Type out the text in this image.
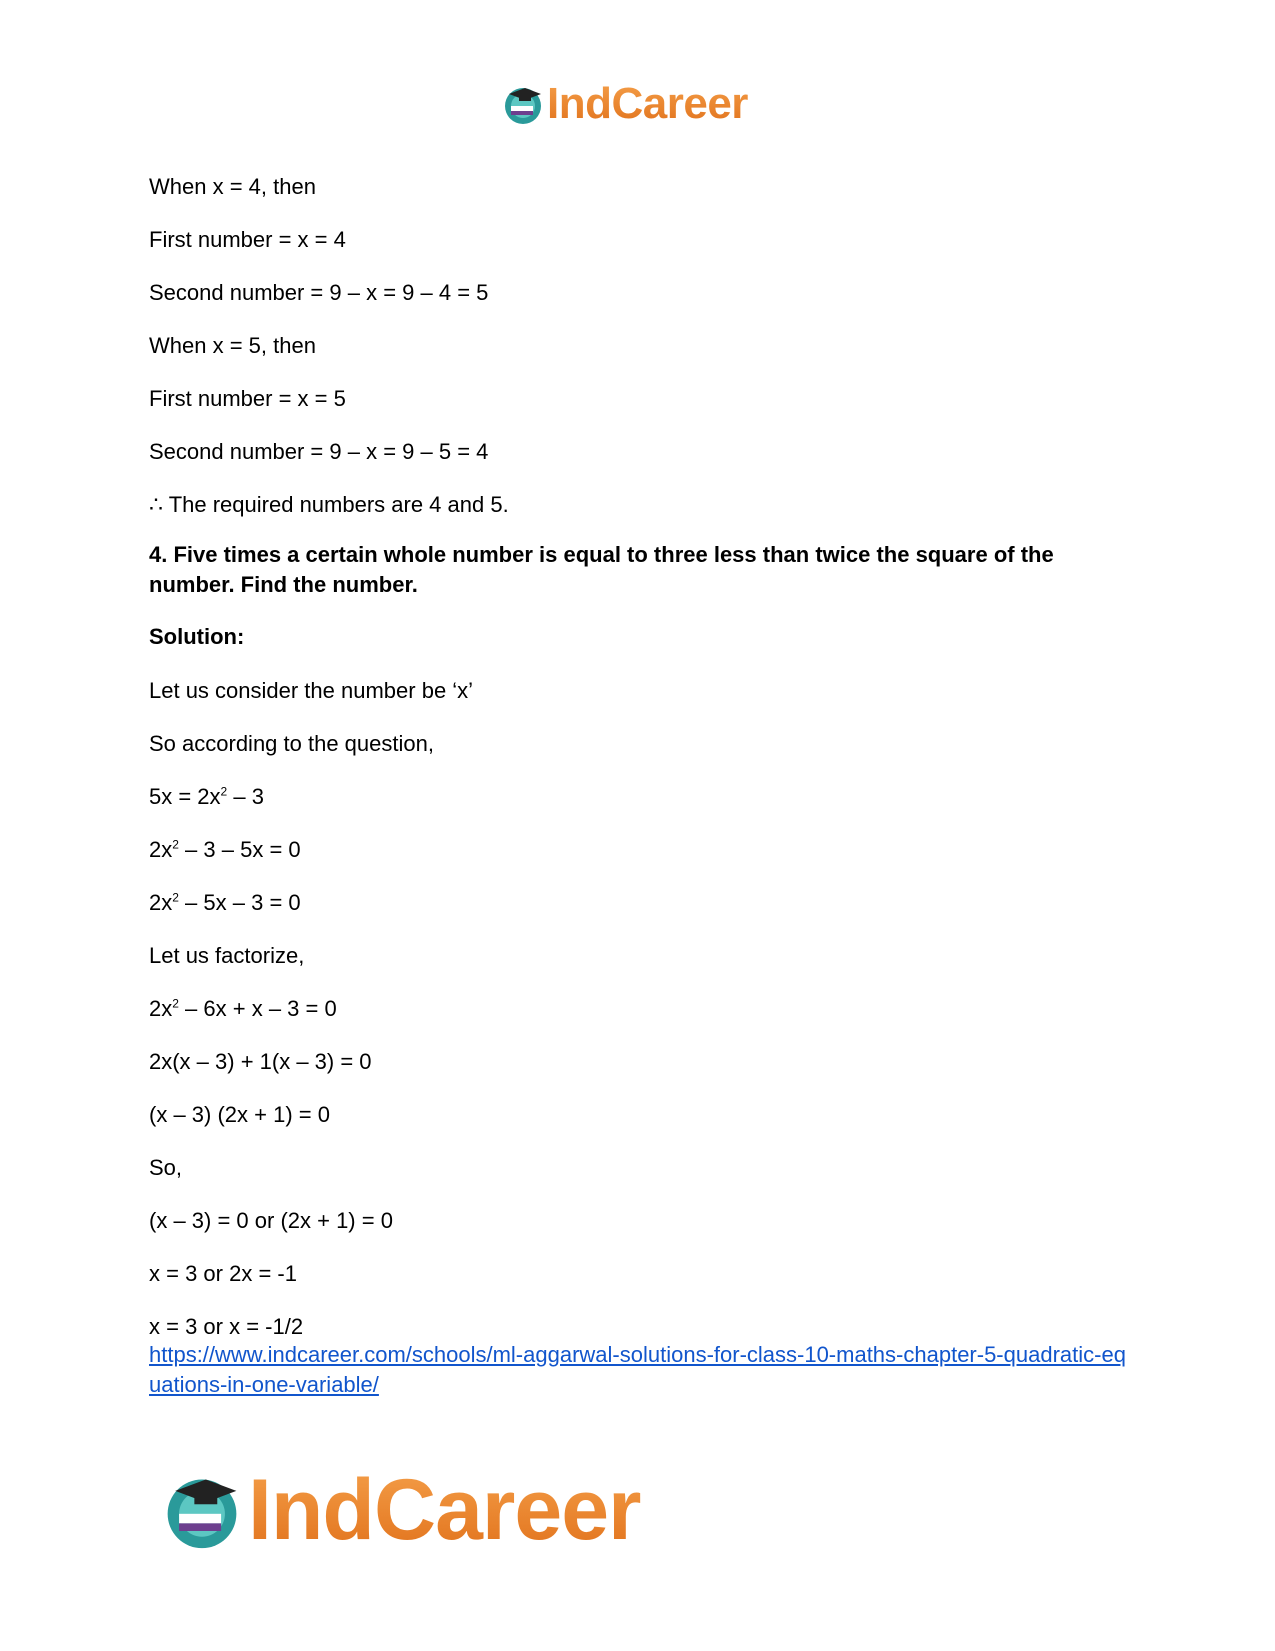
IndCareer
When x = 4, then
First number = x = 4
Second number = 9 – x = 9 – 4 = 5
When x = 5, then
First number = x = 5
Second number = 9 – x = 9 – 5 = 4
∴ The required numbers are 4 and 5.
4. Five times a certain whole number is equal to three less than twice the square of the number. Find the number.
Solution:
Let us consider the number be ‘x’
So according to the question,
$5x = 2x^2 - 3$
$2x^2 - 3 - 5x = 0$
$2x^2 - 5x - 3 = 0$
Let us factorize,
$2x^2 - 6x + x - 3 = 0$
2x(x – 3) + 1(x – 3) = 0
(x – 3) (2x + 1) = 0
So,
(x – 3) = 0 or (2x + 1) = 0
x = 3 or 2x = -1
x = 3 or x = -1/2
https://www.indcareer.com/schools/ml-aggarwal-solutions-for-class-10-maths-chapter-5-quadratic-equations-in-one-variable/
IndCareer
